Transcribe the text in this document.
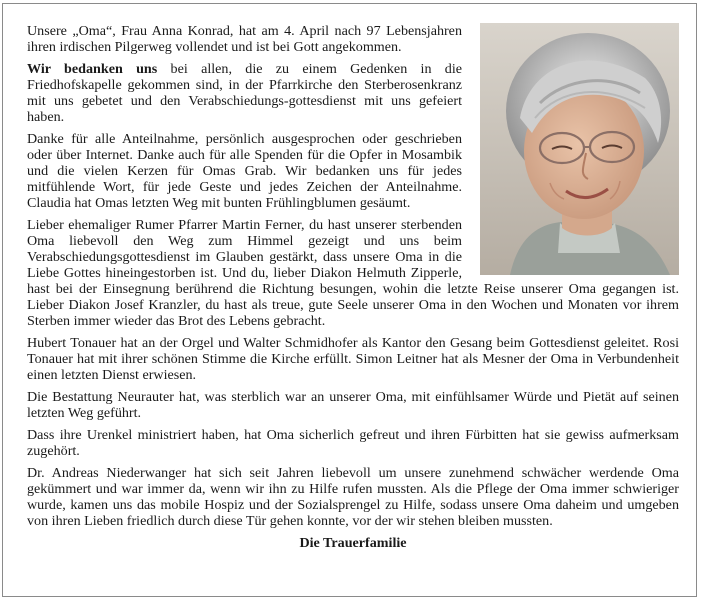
Unsere „Oma“, Frau Anna Konrad, hat am 4. April nach 97 Lebensjahren ihren irdischen Pilgerweg vollendet und ist bei Gott angekommen.

Wir bedanken uns bei allen, die zu einem Gedenken in die Friedhofskapelle gekommen sind, in der Pfarrkirche den Sterberosenkranz mit uns gebetet und den Verabschiedungs-gottesdienst mit uns gefeiert haben.

Danke für alle Anteilnahme, persönlich ausgesprochen oder geschrieben oder über Internet. Danke auch für alle Spenden für die Opfer in Mosambik und die vielen Kerzen für Omas Grab. Wir bedanken uns für jedes mitfühlende Wort, für jede Geste und jedes Zeichen der Anteilnahme. Claudia hat Omas letzten Weg mit bunten Frühlingblumen gesäumt.

Lieber ehemaliger Rumer Pfarrer Martin Ferner, du hast unserer sterbenden Oma liebevoll den Weg zum Himmel gezeigt und uns beim Verabschiedungsgottesdienst im Glauben gestärkt, dass unsere Oma in die Liebe Gottes hineingestorben ist. Und du, lieber Diakon Helmuth Zipperle, hast bei der Einsegnung berührend die Richtung besungen, wohin die letzte Reise unserer Oma gegangen ist. Lieber Diakon Josef Kranzler, du hast als treue, gute Seele unserer Oma in den Wochen und Monaten vor ihrem Sterben immer wieder das Brot des Lebens gebracht.

Hubert Tonauer hat an der Orgel und Walter Schmidhofer als Kantor den Gesang beim Gottesdienst geleitet. Rosi Tonauer hat mit ihrer schönen Stimme die Kirche erfüllt. Simon Leitner hat als Mesner der Oma in Verbundenheit einen letzten Dienst erwiesen.

Die Bestattung Neurauter hat, was sterblich war an unserer Oma, mit einfühlsamer Würde und Pietät auf seinen letzten Weg geführt.

Dass ihre Urenkel ministriert haben, hat Oma sicherlich gefreut und ihren Fürbitten hat sie gewiss aufmerksam zugehört.

Dr. Andreas Niederwanger hat sich seit Jahren liebevoll um unsere zunehmend schwächer werdende Oma gekümmert und war immer da, wenn wir ihn zu Hilfe rufen mussten. Als die Pflege der Oma immer schwieriger wurde, kamen uns das mobile Hospiz und der Sozialsprengel zu Hilfe, sodass unsere Oma daheim und umgeben von ihren Lieben friedlich durch diese Tür gehen konnte, vor der wir stehen bleiben mussten.

Die Trauerfamilie
